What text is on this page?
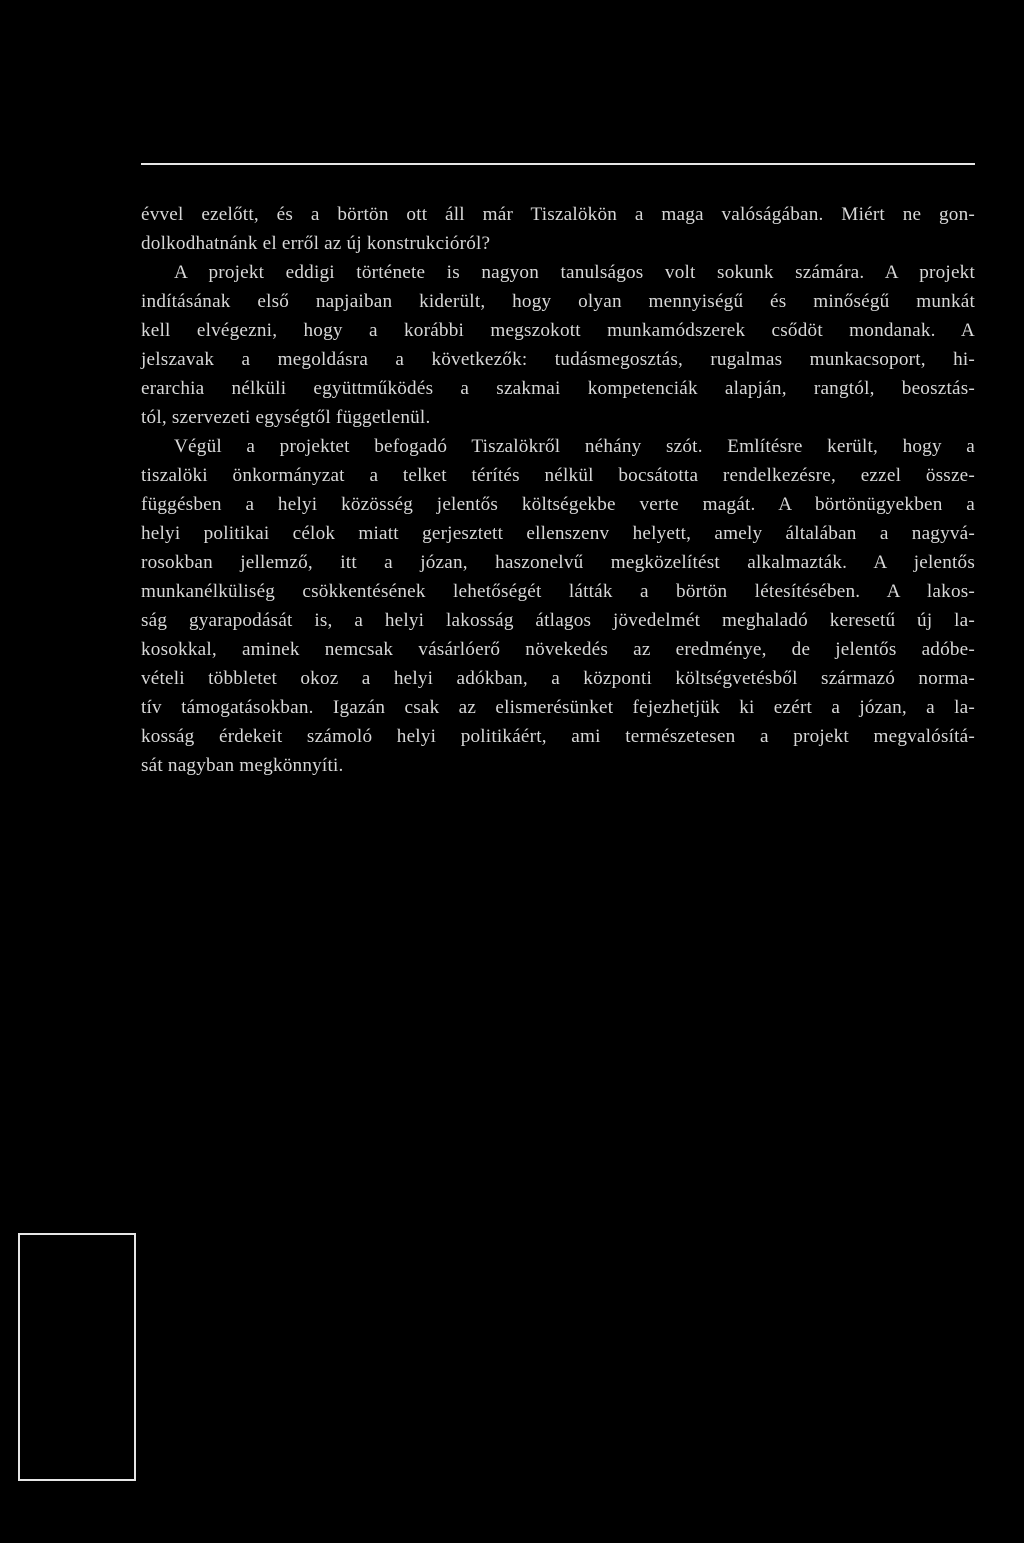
évvel ezelőtt, és a börtön ott áll már Tiszalökön a maga valóságában. Miért ne gon-
dolkodhatnánk el erről az új konstrukcióról?
A projekt eddigi története is nagyon tanulságos volt sokunk számára. A projekt
indításának első napjaiban kiderült, hogy olyan mennyiségű és minőségű munkát
kell elvégezni, hogy a korábbi megszokott munkamódszerek csődöt mondanak. A
jelszavak a megoldásra a következők: tudásmegosztás, rugalmas munkacsoport, hi-
erarchia nélküli együttműködés a szakmai kompetenciák alapján, rangtól, beosztás-
tól, szervezeti egységtől függetlenül.
Végül a projektet befogadó Tiszalökről néhány szót. Említésre került, hogy a
tiszalöki önkormányzat a telket térítés nélkül bocsátotta rendelkezésre, ezzel össze-
függésben a helyi közösség jelentős költségekbe verte magát. A börtönügyekben a
helyi politikai célok miatt gerjesztett ellenszenv helyett, amely általában a nagyvá-
rosokban jellemző, itt a józan, haszonelvű megközelítést alkalmazták. A jelentős
munkanélküliség csökkentésének lehetőségét látták a börtön létesítésében. A lakos-
ság gyarapodását is, a helyi lakosság átlagos jövedelmét meghaladó keresetű új la-
kosokkal, aminek nemcsak vásárlóerő növekedés az eredménye, de jelentős adóbe-
vételi többletet okoz a helyi adókban, a központi költségvetésből származó norma-
tív támogatásokban. Igazán csak az elismerésünket fejezhetjük ki ezért a józan, a la-
kosság érdekeit számoló helyi politikáért, ami természetesen a projekt megvalósítá-
sát nagyban megkönnyíti.
